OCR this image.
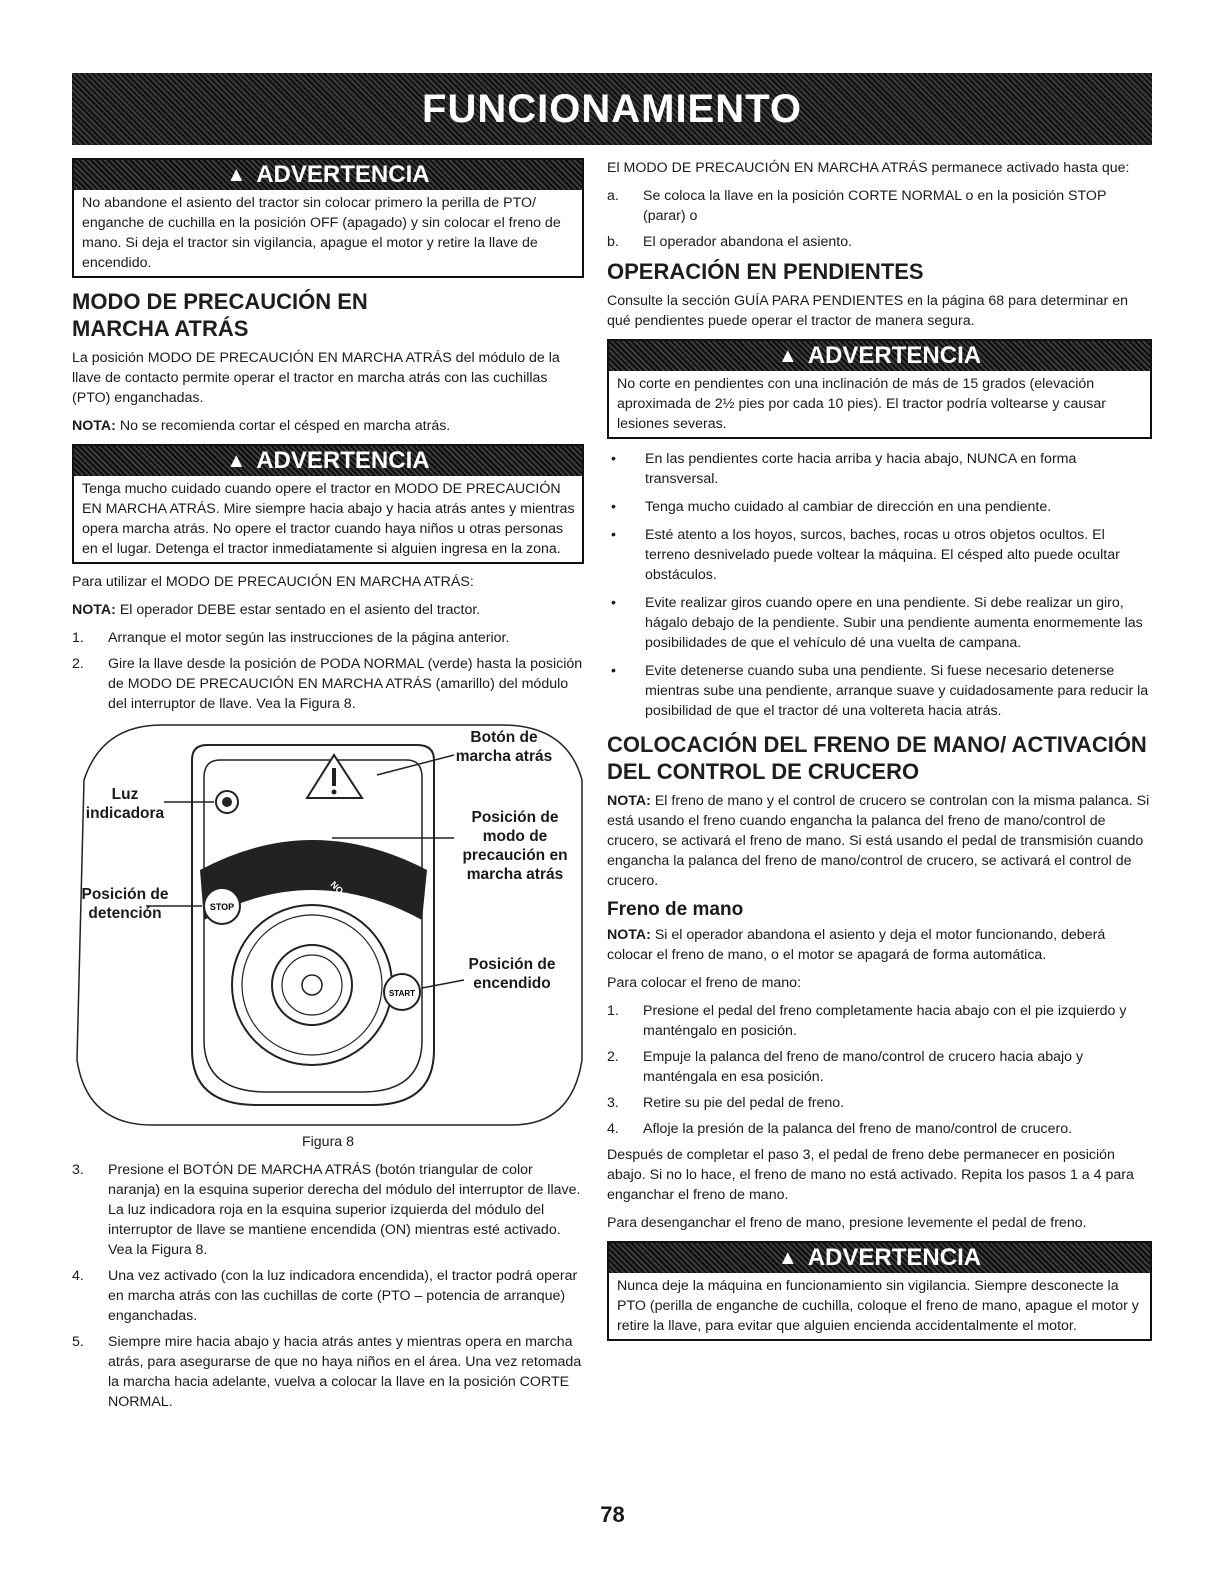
FUNCIONAMIENTO
▲ ADVERTENCIA
No abandone el asiento del tractor sin colocar primero la perilla de PTO/ enganche de cuchilla en la posición OFF (apagado) y sin colocar el freno de mano. Si deja el tractor sin vigilancia, apague el motor y retire la llave de encendido.
MODO DE PRECAUCIÓN EN MARCHA ATRÁS

La posición MODO DE PRECAUCIÓN EN MARCHA ATRÁS del módulo de la llave de contacto permite operar el tractor en marcha atrás con las cuchillas (PTO) enganchadas.

NOTA: No se recomienda cortar el césped en marcha atrás.

▲ ADVERTENCIA
Tenga mucho cuidado cuando opere el tractor en MODO DE PRECAUCIÓN EN MARCHA ATRÁS. Mire siempre hacia abajo y hacia atrás antes y mientras opera marcha atrás. No opere el tractor cuando haya niños u otras personas en el lugar. Detenga el tractor inmediatamente si alguien ingresa en la zona.

Para utilizar el MODO DE PRECAUCIÓN EN MARCHA ATRÁS:

NOTA: El operador DEBE estar sentado en el asiento del tractor.

1. Arranque el motor según las instrucciones de la página anterior.
2. Gire la llave desde la posición de PODA NORMAL (verde) hasta la posición de MODO DE PRECAUCIÓN EN MARCHA ATRÁS (amarillo) del módulo del interruptor de llave. Vea la Figura 8.
STOP	NO MOWING
START
Luz indicadora
Posición de detención
Botón de marcha atrás
Posición de modo de precaución en marcha atrás
Posición de encendido
Figura 8
3. Presione el BOTÓN DE MARCHA ATRÁS (botón triangular de color naranja) en la esquina superior derecha del módulo del interruptor de llave. La luz indicadora roja en la esquina superior izquierda del módulo del interruptor de llave se mantiene encendida (ON) mientras esté activado. Vea la Figura 8.
4. Una vez activado (con la luz indicadora encendida), el tractor podrá operar en marcha atrás con las cuchillas de corte (PTO – potencia de arranque) enganchadas.
5. Siempre mire hacia abajo y hacia atrás antes y mientras opera en marcha atrás, para asegurarse de que no haya niños en el área. Una vez retomada la marcha hacia adelante, vuelva a colocar la llave en la posición CORTE NORMAL.

El MODO DE PRECAUCIÓN EN MARCHA ATRÁS permanece activado hasta que:

a. Se coloca la llave en la posición CORTE NORMAL o en la posición STOP (parar) o
b. El operador abandona el asiento.
OPERACIÓN EN PENDIENTES

Consulte la sección GUÍA PARA PENDIENTES en la página 68 para determinar en qué pendientes puede operar el tractor de manera segura.

▲ ADVERTENCIA
No corte en pendientes con una inclinación de más de 15 grados (elevación aproximada de 2½ pies por cada 10 pies). El tractor podría voltearse y causar lesiones severas.
• En las pendientes corte hacia arriba y hacia abajo, NUNCA en forma transversal.
• Tenga mucho cuidado al cambiar de dirección en una pendiente.
• Esté atento a los hoyos, surcos, baches, rocas u otros objetos ocultos. El terreno desnivelado puede voltear la máquina. El césped alto puede ocultar obstáculos.
• Evite realizar giros cuando opere en una pendiente. Si debe realizar un giro, hágalo debajo de la pendiente. Subir una pendiente aumenta enormemente las posibilidades de que el vehículo dé una vuelta de campana.
• Evite detenerse cuando suba una pendiente. Si fuese necesario detenerse mientras sube una pendiente, arranque suave y cuidadosamente para reducir la posibilidad de que el tractor dé una voltereta hacia atrás.
COLOCACIÓN DEL FRENO DE MANO/ ACTIVACIÓN DEL CONTROL DE CRUCERO

NOTA: El freno de mano y el control de crucero se controlan con la misma palanca. Si está usando el freno cuando engancha la palanca del freno de mano/control de crucero, se activará el freno de mano. Si está usando el pedal de transmisión cuando engancha la palanca del freno de mano/control de crucero, se activará el control de crucero.

Freno de mano

NOTA: Si el operador abandona el asiento y deja el motor funcionando, deberá colocar el freno de mano, o el motor se apagará de forma automática.

Para colocar el freno de mano:

1. Presione el pedal del freno completamente hacia abajo con el pie izquierdo y manténgalo en posición.
2. Empuje la palanca del freno de mano/control de crucero hacia abajo y manténgala en esa posición.
3. Retire su pie del pedal de freno.
4. Afloje la presión de la palanca del freno de mano/control de crucero.

Después de completar el paso 3, el pedal de freno debe permanecer en posición abajo. Si no lo hace, el freno de mano no está activado. Repita los pasos 1 a 4 para enganchar el freno de mano.

Para desenganchar el freno de mano, presione levemente el pedal de freno.

▲ ADVERTENCIA
Nunca deje la máquina en funcionamiento sin vigilancia. Siempre desconecte la PTO (perilla de enganche de cuchilla, coloque el freno de mano, apague el motor y retire la llave, para evitar que alguien encienda accidentalmente el motor.
78
